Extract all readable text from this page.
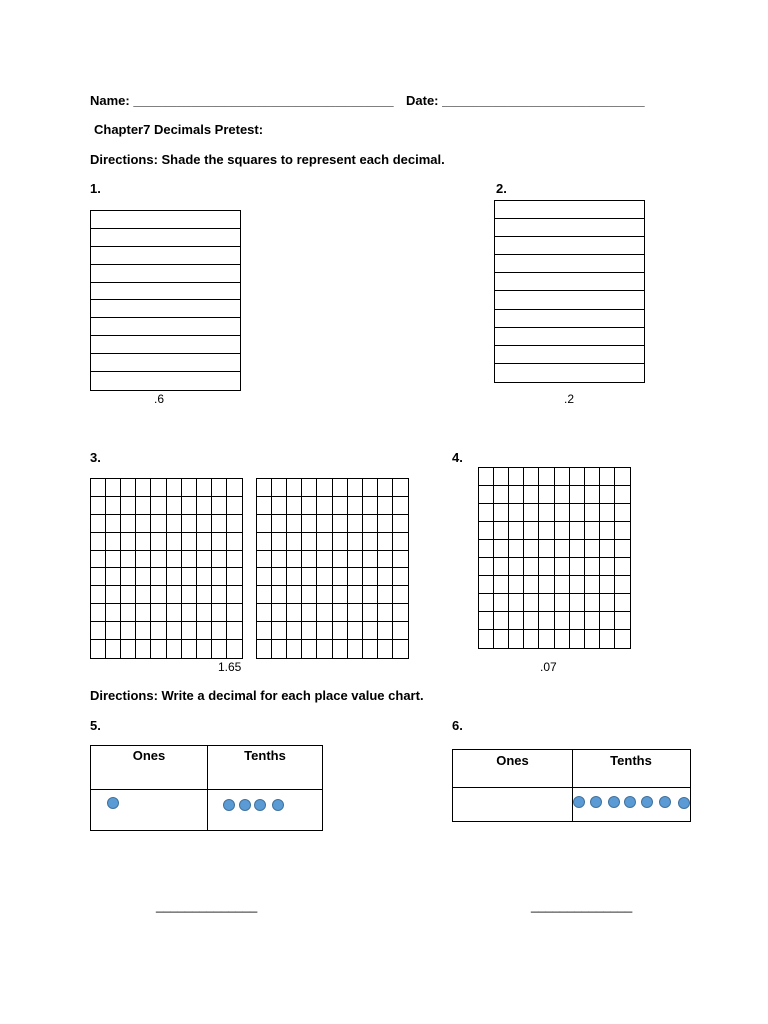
Name: ____________________________________ Date: ____________________________
Chapter7 Decimals Pretest:
Directions: Shade the squares to represent each decimal.
1.
.6
2.
.2
3.
1.65
4.
.07
Directions: Write a decimal for each place value chart.
5.
Ones	Tenths
______________
6.
Ones	Tenths
______________
